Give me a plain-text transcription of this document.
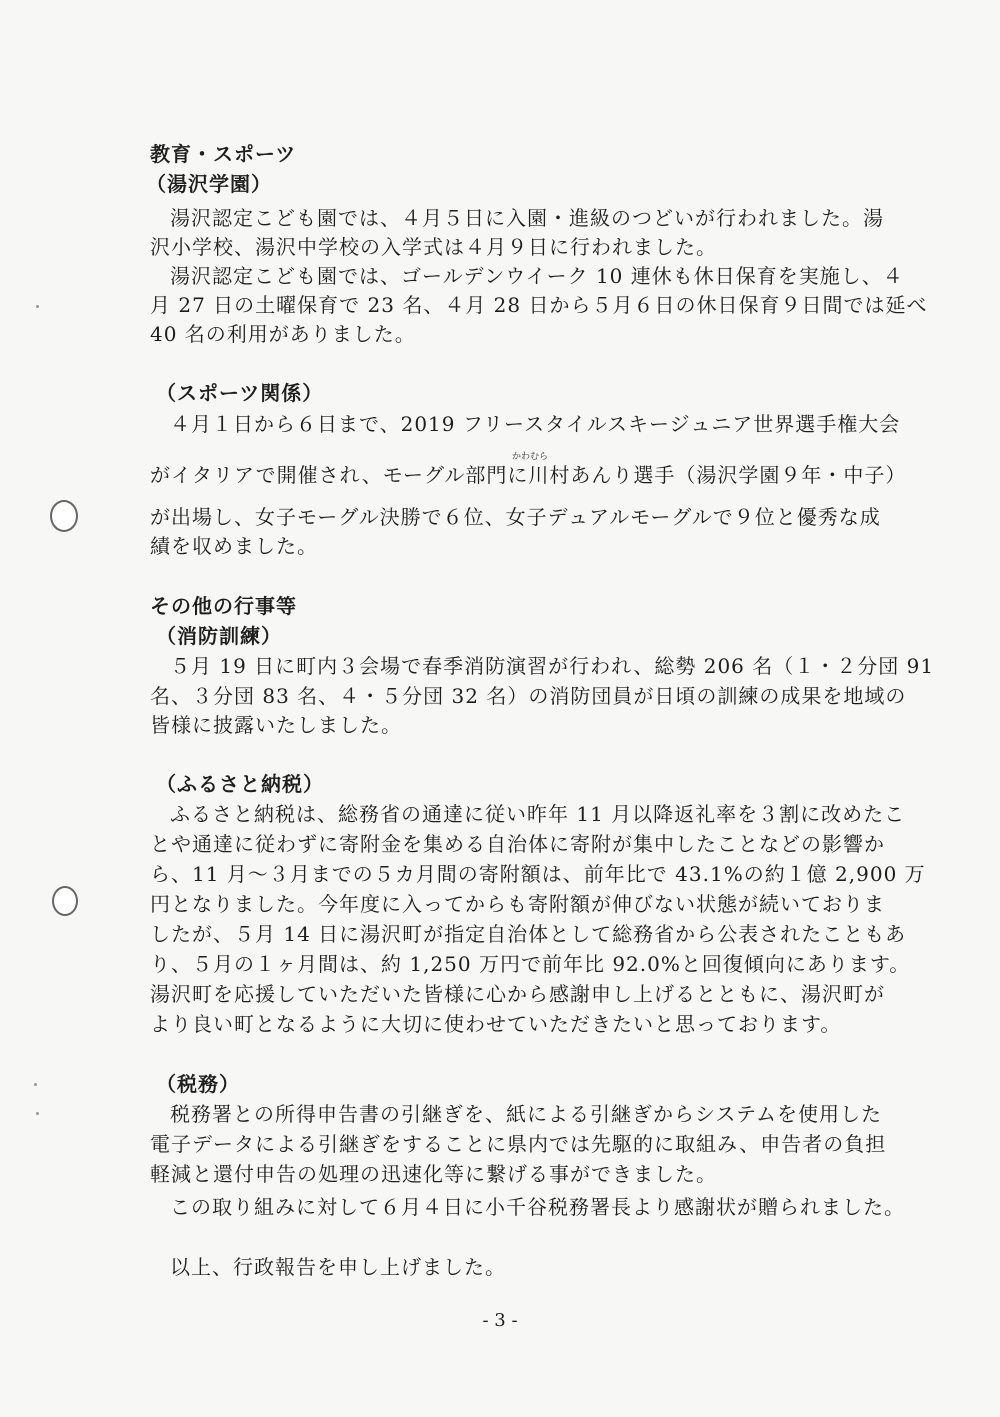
教育・スポーツ

（湯沢学園）

湯沢認定こども園では、４月５日に入園・進級のつどいが行われました。湯

沢小学校、湯沢中学校の入学式は４月９日に行われました。

湯沢認定こども園では、ゴールデンウイーク 10 連休も休日保育を実施し、４

月 27 日の土曜保育で 23 名、４月 28 日から５月６日の休日保育９日間では延べ

40 名の利用がありました。

（スポーツ関係）

４月１日から６日まで、2019 フリースタイルスキージュニア世界選手権大会

かわむら

がイタリアで開催され、モーグル部門に川村あんり選手（湯沢学園９年・中子）

が出場し、女子モーグル決勝で６位、女子デュアルモーグルで９位と優秀な成

績を収めました。

その他の行事等

（消防訓練）

５月 19 日に町内３会場で春季消防演習が行われ、総勢 206 名（１・２分団 91

名、３分団 83 名、４・５分団 32 名）の消防団員が日頃の訓練の成果を地域の

皆様に披露いたしました。

（ふるさと納税）

ふるさと納税は、総務省の通達に従い昨年 11 月以降返礼率を３割に改めたこ

とや通達に従わずに寄附金を集める自治体に寄附が集中したことなどの影響か

ら、11 月～３月までの５カ月間の寄附額は、前年比で 43.1%の約１億 2,900 万

円となりました。今年度に入ってからも寄附額が伸びない状態が続いておりま

したが、５月 14 日に湯沢町が指定自治体として総務省から公表されたこともあ

り、５月の１ヶ月間は、約 1,250 万円で前年比 92.0%と回復傾向にあります。

湯沢町を応援していただいた皆様に心から感謝申し上げるとともに、湯沢町が

より良い町となるように大切に使わせていただきたいと思っております。

（税務）

税務署との所得申告書の引継ぎを、紙による引継ぎからシステムを使用した

電子データによる引継ぎをすることに県内では先駆的に取組み、申告者の負担

軽減と還付申告の処理の迅速化等に繋げる事ができました。

この取り組みに対して６月４日に小千谷税務署長より感謝状が贈られました。

以上、行政報告を申し上げました。

- 3 -
